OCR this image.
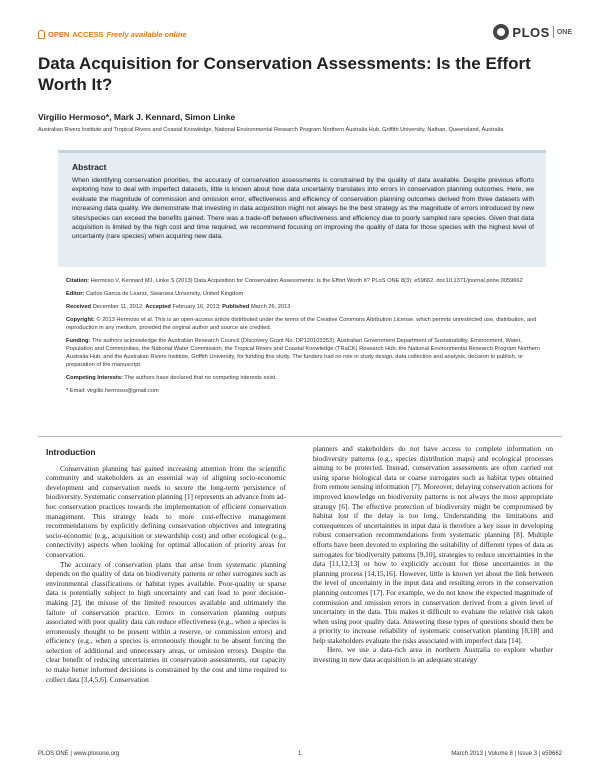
OPEN ACCESS Freely available online	PLOS ONE
Data Acquisition for Conservation Assessments: Is the Effort Worth It?
Virgilio Hermoso*, Mark J. Kennard, Simon Linke
Australian Rivers Institute and Tropical Rivers and Coastal Knowledge, National Environmental Research Program Northern Australia Hub, Griffith University, Nathan, Queensland, Australia
Abstract

When identifying conservation priorities, the accuracy of conservation assessments is constrained by the quality of data available. Despite previous efforts exploring how to deal with imperfect datasets, little is known about how data uncertainty translates into errors in conservation planning outcomes. Here, we evaluate the magnitude of commission and omission error, effectiveness and efficiency of conservation planning outcomes derived from three datasets with increasing data quality. We demonstrate that investing in data acquisition might not always be the best strategy as the magnitude of errors introduced by new sites/species can exceed the benefits gained. There was a trade-off between effectiveness and efficiency due to poorly sampled rare species. Given that data acquisition is limited by the high cost and time required, we recommend focusing on improving the quality of data for those species with the highest level of uncertainty (rare species) when acquiring new data.

Citation: Hermoso V, Kennard MJ, Linke S (2013) Data Acquisition for Conservation Assessments: Is the Effort Worth It? PLoS ONE 8(3): e59662. doi:10.1371/journal.pone.0059662

Editor: Carlos Garcia de Leaniz, Swansea University, United Kingdom

Received December 11, 2012; Accepted February 16, 2013; Published March 26, 2013

Copyright: © 2013 Hermoso et al. This is an open-access article distributed under the terms of the Creative Commons Attribution License, which permits unrestricted use, distribution, and reproduction in any medium, provided the original author and source are credited.

Funding: The authors acknowledge the Australian Research Council (Discovery Grant No. DP120103353), Australian Government Department of Sustainability, Environment, Water, Population and Communities, the National Water Commission, the Tropical Rivers and Coastal Knowledge (TRaCK) Research Hub, the National Environmental Research Program Northern Australia Hub, and the Australian Rivers Institute, Griffith University, for funding this study. The funders had no role in study design, data collection and analysis, decision to publish, or preparation of the manuscript.

Competing Interests: The authors have declared that no competing interests exist.

* Email: virgilio.hermoso@gmail.com

Introduction

Conservation planning has gained increasing attention from the scientific community and stakeholders as an essential way of aligning socio-economic development and conservation needs to secure the long-term persistence of biodiversity. Systematic conservation planning [1] represents an advance from ad-hoc conservation practices towards the implementation of efficient conservation management. This strategy leads to more cost-effective management recommendations by explicitly defining conservation objectives and integrating socio-economic (e.g., acquisition or stewardship cost) and other ecological (e.g., connectivity) aspects when looking for optimal allocation of priority areas for conservation.

The accuracy of conservation plans that arise from systematic planning depends on the quality of data on biodiversity patterns or other surrogates such as environmental classifications or habitat types available. Poor-quality or sparse data is potentially subject to high uncertainty and can lead to poor decision-making [2], the misuse of the limited resources available and ultimately the failure of conservation practice. Errors in conservation planning outputs associated with poor quality data can reduce effectiveness (e.g., when a species is erroneously thought to be present within a reserve, or commission errors) and efficiency (e.g., when a species is erroneously thought to be absent forcing the selection of additional and unnecessary areas, or omission errors). Despite the clear benefit of reducing uncertainties in conservation assessments, our capacity to make better informed decisions is constrained by the cost and time required to collect data [3,4,5,6]. Conservation

planners and stakeholders do not have access to complete information on biodiversity patterns (e.g., species distribution maps) and ecological processes aiming to be protected. Instead, conservation assessments are often carried out using sparse biological data or coarse surrogates such as habitat types obtained from remote sensing information [7]. Moreover, delaying conservation actions for improved knowledge on biodiversity patterns is not always the most appropriate strategy [6]. The effective protection of biodiversity might be compromised by habitat lost if the delay is too long. Understanding the limitations and consequences of uncertainties in input data is therefore a key issue in developing robust conservation recommendations from systematic planning [8]. Multiple efforts have been devoted to exploring the suitability of different types of data as surrogates for biodiversity patterns [9,10], strategies to reduce uncertainties in the data [11,12,13] or how to explicitly account for those uncertainties in the planning process [14,15,16]. However, little is known yet about the link between the level of uncertainty in the input data and resulting errors in the conservation planning outcomes [17]. For example, we do not know the expected magnitude of commission and omission errors in conservation derived from a given level of uncertainty in the data. This makes it difficult to evaluate the relative risk taken when using poor quality data. Answering these types of questions should then be a priority to increase reliability of systematic conservation planning [8,18] and help stakeholders evaluate the risks associated with imperfect data [14].

Here, we use a data-rich area in northern Australia to explore whether investing in new data acquisition is an adequate strategy

PLOS ONE | www.plosone.org	1	March 2013 | Volume 8 | Issue 3 | e59662
